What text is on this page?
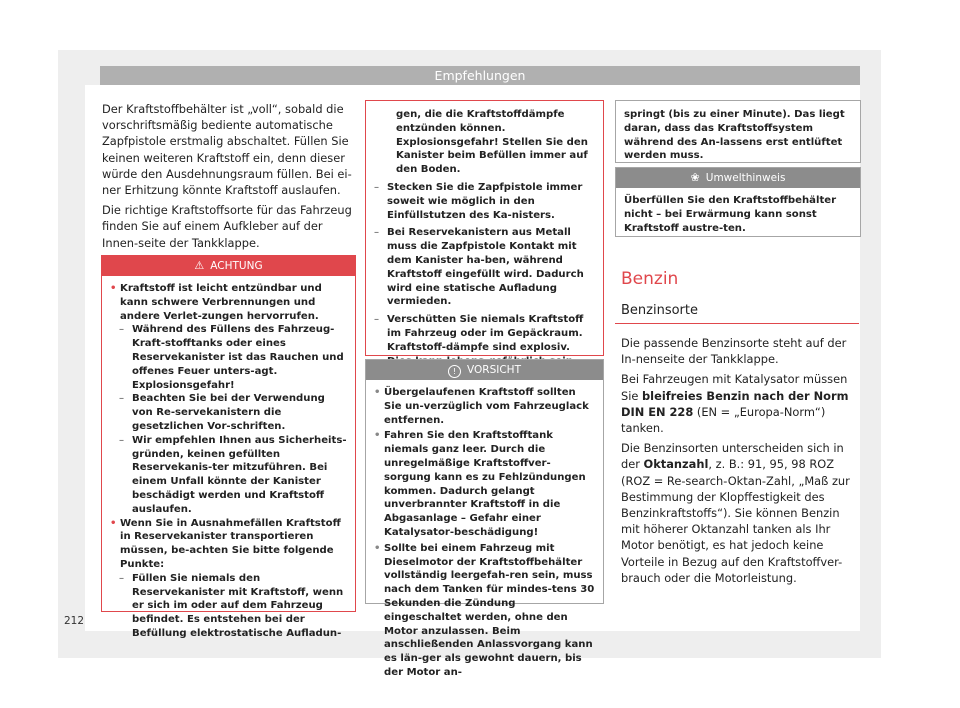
Empfehlungen

Der Kraftstoffbehälter ist „voll“, sobald die vorschriftsmäßig bediente automatische Zapfpistole erstmalig abschaltet. Füllen Sie keinen weiteren Kraftstoff ein, denn dieser würde den Ausdehnungsraum füllen. Bei ei-ner Erhitzung könnte Kraftstoff auslaufen.

Die richtige Kraftstoffsorte für das Fahrzeug finden Sie auf einem Aufkleber auf der Innen-seite der Tankklappe.

⚠ ACHTUNG

• Kraftstoff ist leicht entzündbar und kann schwere Verbrennungen und andere Verlet-zungen hervorrufen.

– Während des Füllens des Fahrzeug-Kraft-stofftanks oder eines Reservekanister ist das Rauchen und offenes Feuer unters-agt. Explosionsgefahr!

– Beachten Sie bei der Verwendung von Re-servekanistern die gesetzlichen Vor-schriften.

– Wir empfehlen Ihnen aus Sicherheits-gründen, keinen gefüllten Reservekanis-ter mitzuführen. Bei einem Unfall könnte der Kanister beschädigt werden und Kraftstoff auslaufen.

• Wenn Sie in Ausnahmefällen Kraftstoff in Reservekanister transportieren müssen, be-achten Sie bitte folgende Punkte:

– Füllen Sie niemals den Reservekanister mit Kraftstoff, wenn er sich im oder auf dem Fahrzeug befindet. Es entstehen bei der Befüllung elektrostatische Aufladun-

gen, die die Kraftstoffdämpfe entzünden können. Explosionsgefahr! Stellen Sie den Kanister beim Befüllen immer auf den Boden.

– Stecken Sie die Zapfpistole immer soweit wie möglich in den Einfüllstutzen des Ka-nisters.

– Bei Reservekanistern aus Metall muss die Zapfpistole Kontakt mit dem Kanister ha-ben, während Kraftstoff eingefüllt wird. Dadurch wird eine statische Aufladung vermieden.

– Verschütten Sie niemals Kraftstoff im Fahrzeug oder im Gepäckraum. Kraftstoff-dämpfe sind explosiv.

! VORSICHT

• Übergelaufenen Kraftstoff sollten Sie un-verzüglich vom Fahrzeuglack entfernen.

• Fahren Sie den Kraftstofftank niemals ganz leer. Durch die unregelmäßige Kraftstoffver-sorgung kann es zu Fehlzündungen kommen. Dadurch gelangt unverbrannter Kraftstoff in die Abgasanlage – Gefahr einer Katalysator-beschädigung!

• Sollte bei einem Fahrzeug mit Dieselmotor der Kraftstoffbehälter vollständig leergefah-ren sein, muss nach dem Tanken für mindes-tens 30 Sekunden die Zündung eingeschaltet werden, ohne den Motor anzulassen. Beim anschließenden Anlassvorgang kann es län-ger als gewohnt dauern, bis der Motor an-

springt (bis zu einer Minute). Das liegt daran, dass das Kraftstoffsystem während des An-lassens erst entlüftet werden muss.

❀ Umwelthinweis

Überfüllen Sie den Kraftstoffbehälter nicht – bei Erwärmung kann sonst Kraftstoff austre-ten.

Benzin
Benzinsorte

Die passende Benzinsorte steht auf der In-nenseite der Tankklappe.

Bei Fahrzeugen mit Katalysator müssen Sie bleifreies Benzin nach der Norm DIN EN 228 (EN = „Europa-Norm“) tanken.

Die Benzinsorten unterscheiden sich in der Oktanzahl, z. B.: 91, 95, 98 ROZ (ROZ = Re-search-Oktan-Zahl, „Maß zur Bestimmung der Klopffestigkeit des Benzinkraftstoffs“). Sie können Benzin mit höherer Oktanzahl tanken als Ihr Motor benötigt, es hat jedoch keine Vorteile in Bezug auf den Kraftstoffver-brauch oder die Motorleistung.

212
